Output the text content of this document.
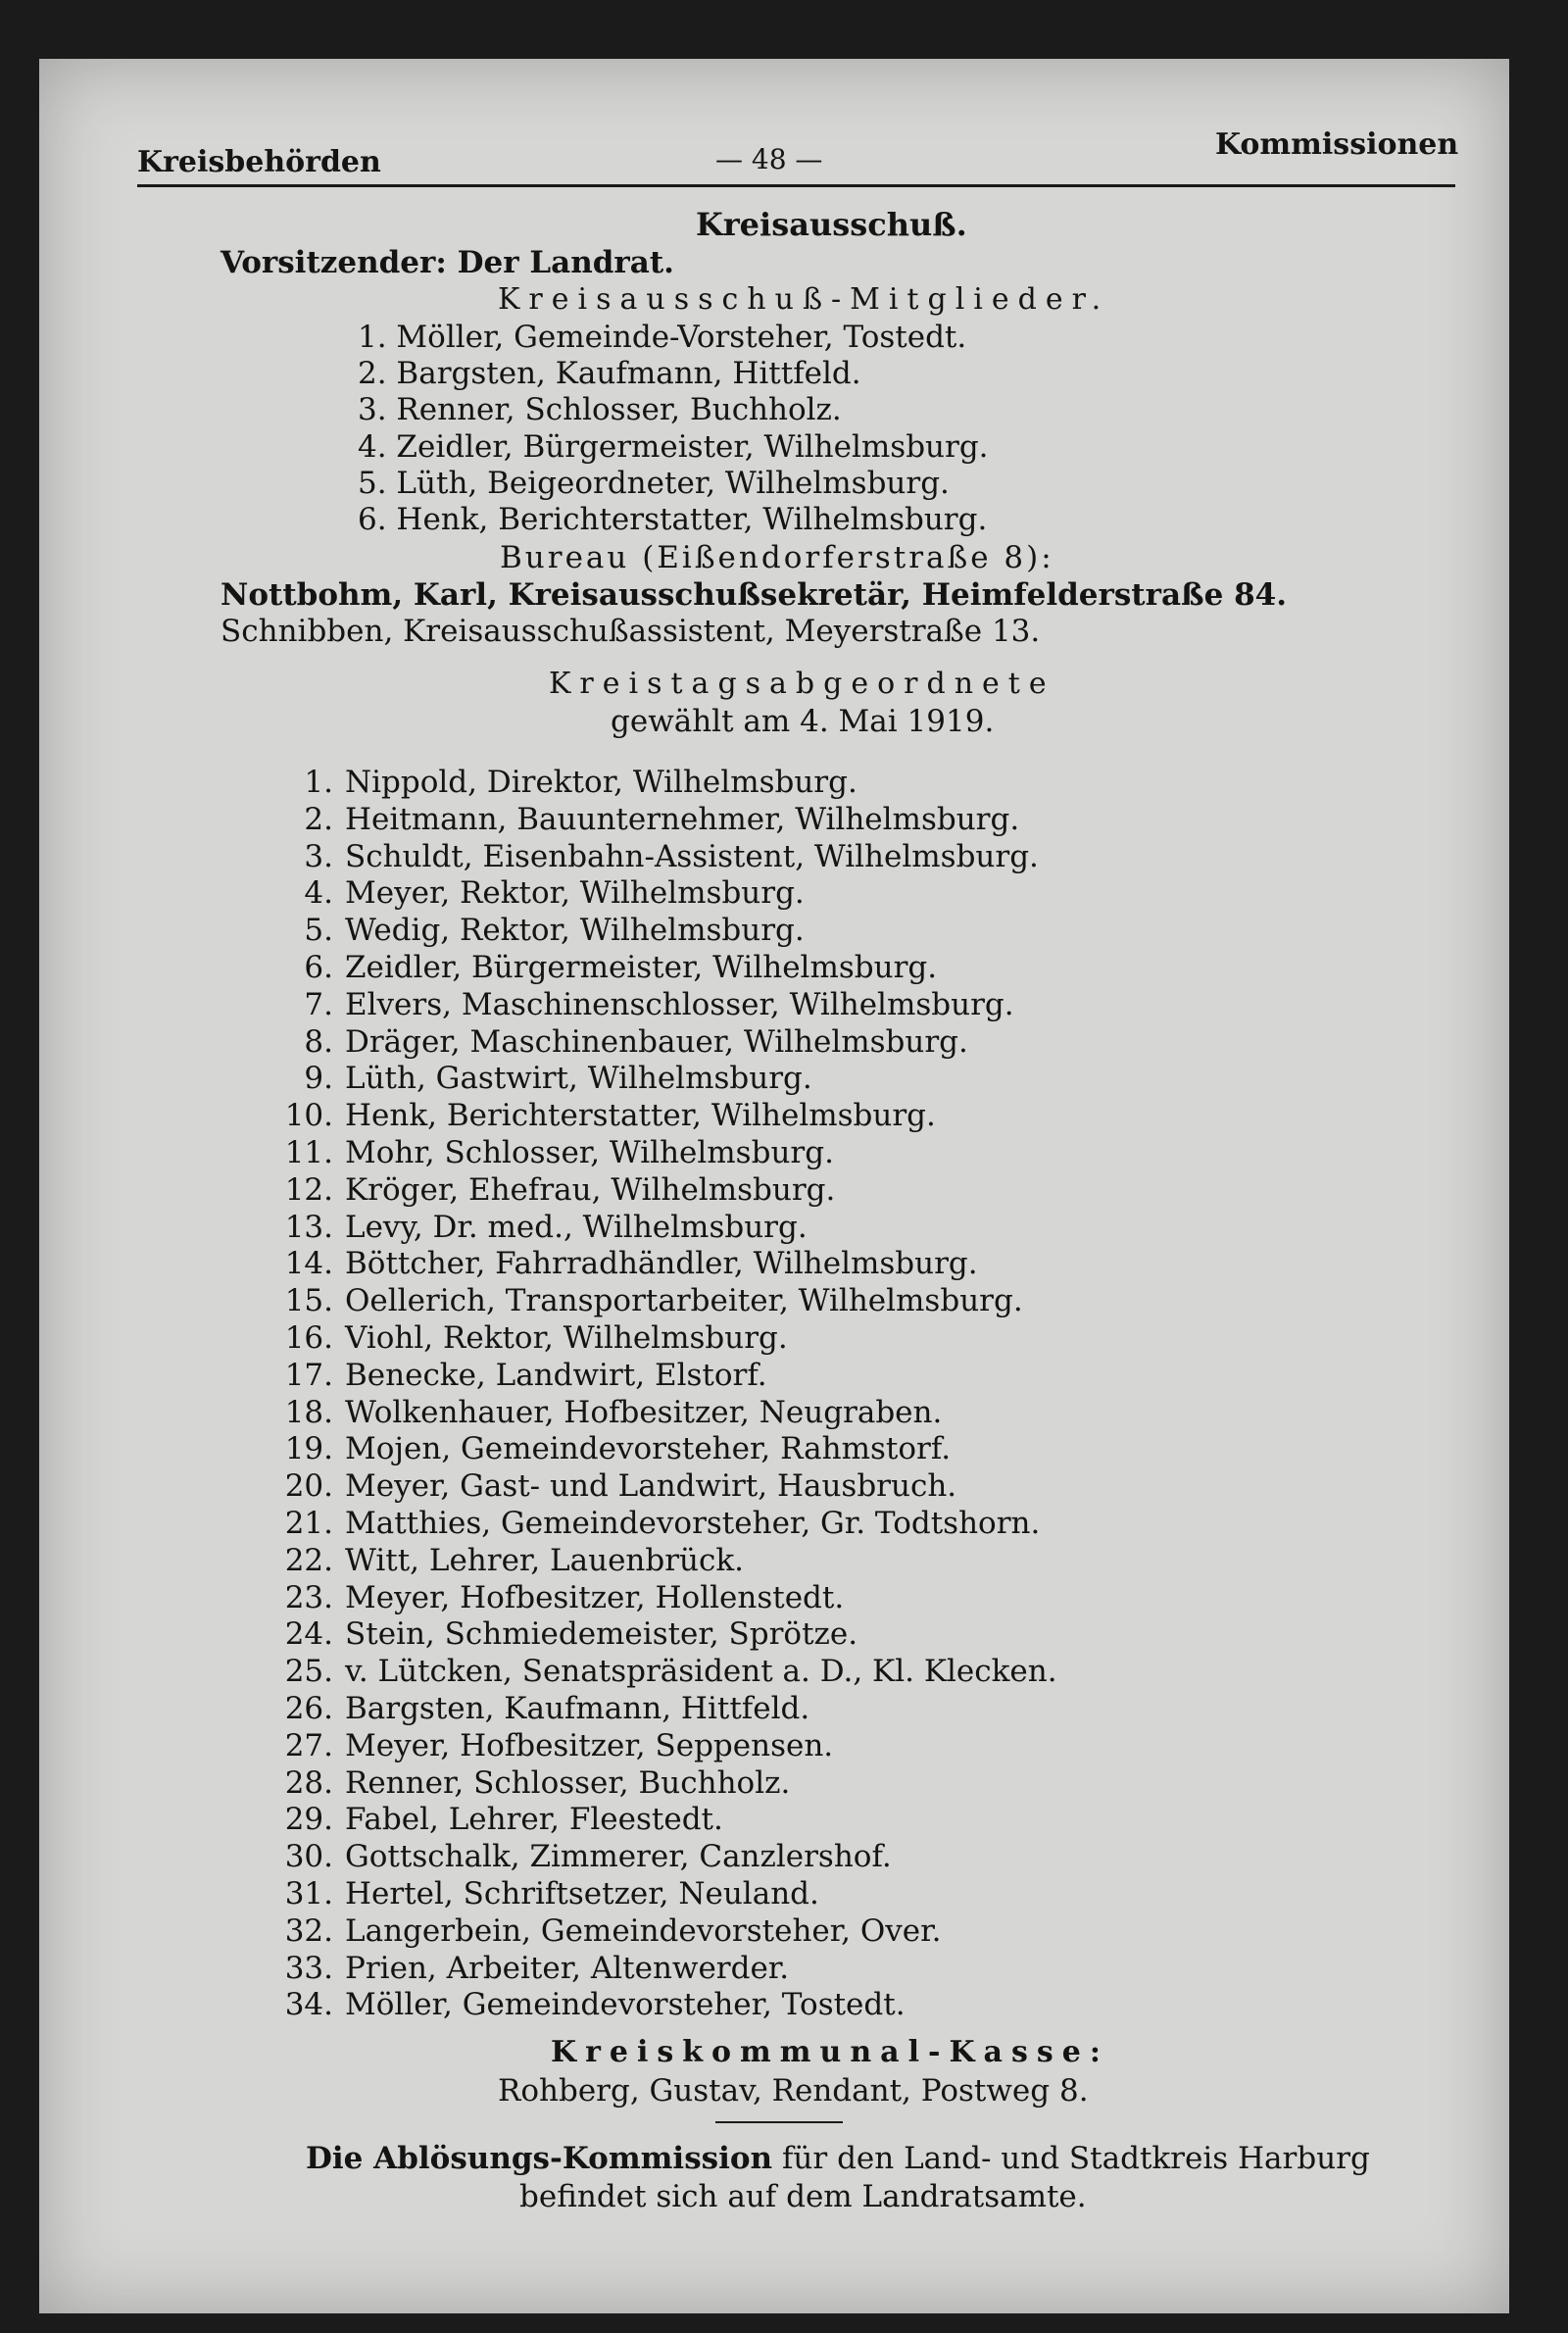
Kreisbehörden	— 48 —	Kommissionen
Kreisausschuß.
Vorsitzender: Der Landrat.
Kreisausschuß-Mitglieder.
1. Möller, Gemeinde-Vorsteher, Tostedt.
2. Bargsten, Kaufmann, Hittfeld.
3. Renner, Schlosser, Buchholz.
4. Zeidler, Bürgermeister, Wilhelmsburg.
5. Lüth, Beigeordneter, Wilhelmsburg.
6. Henk, Berichterstatter, Wilhelmsburg.
Bureau (Eißendorferstraße 8):
Nottbohm, Karl, Kreisausschußsekretär, Heimfelderstraße 84.
Schnibben, Kreisausschußassistent, Meyerstraße 13.
Kreistagsabgeordnete
gewählt am 4. Mai 1919.
1. Nippold, Direktor, Wilhelmsburg.
2. Heitmann, Bauunternehmer, Wilhelmsburg.
3. Schuldt, Eisenbahn-Assistent, Wilhelmsburg.
4. Meyer, Rektor, Wilhelmsburg.
5. Wedig, Rektor, Wilhelmsburg.
6. Zeidler, Bürgermeister, Wilhelmsburg.
7. Elvers, Maschinenschlosser, Wilhelmsburg.
8. Dräger, Maschinenbauer, Wilhelmsburg.
9. Lüth, Gastwirt, Wilhelmsburg.
10. Henk, Berichterstatter, Wilhelmsburg.
11. Mohr, Schlosser, Wilhelmsburg.
12. Kröger, Ehefrau, Wilhelmsburg.
13. Levy, Dr. med., Wilhelmsburg.
14. Böttcher, Fahrradhändler, Wilhelmsburg.
15. Oellerich, Transportarbeiter, Wilhelmsburg.
16. Viohl, Rektor, Wilhelmsburg.
17. Benecke, Landwirt, Elstorf.
18. Wolkenhauer, Hofbesitzer, Neugraben.
19. Mojen, Gemeindevorsteher, Rahmstorf.
20. Meyer, Gast- und Landwirt, Hausbruch.
21. Matthies, Gemeindevorsteher, Gr. Todtshorn.
22. Witt, Lehrer, Lauenbrück.
23. Meyer, Hofbesitzer, Hollenstedt.
24. Stein, Schmiedemeister, Sprötze.
25. v. Lütcken, Senatspräsident a. D., Kl. Klecken.
26. Bargsten, Kaufmann, Hittfeld.
27. Meyer, Hofbesitzer, Seppensen.
28. Renner, Schlosser, Buchholz.
29. Fabel, Lehrer, Fleestedt.
30. Gottschalk, Zimmerer, Canzlershof.
31. Hertel, Schriftsetzer, Neuland.
32. Langerbein, Gemeindevorsteher, Over.
33. Prien, Arbeiter, Altenwerder.
34. Möller, Gemeindevorsteher, Tostedt.
Kreiskommunal-Kasse:
Rohberg, Gustav, Rendant, Postweg 8.
Die Ablösungs-Kommission für den Land- und Stadtkreis Harburg
befindet sich auf dem Landratsamte.
